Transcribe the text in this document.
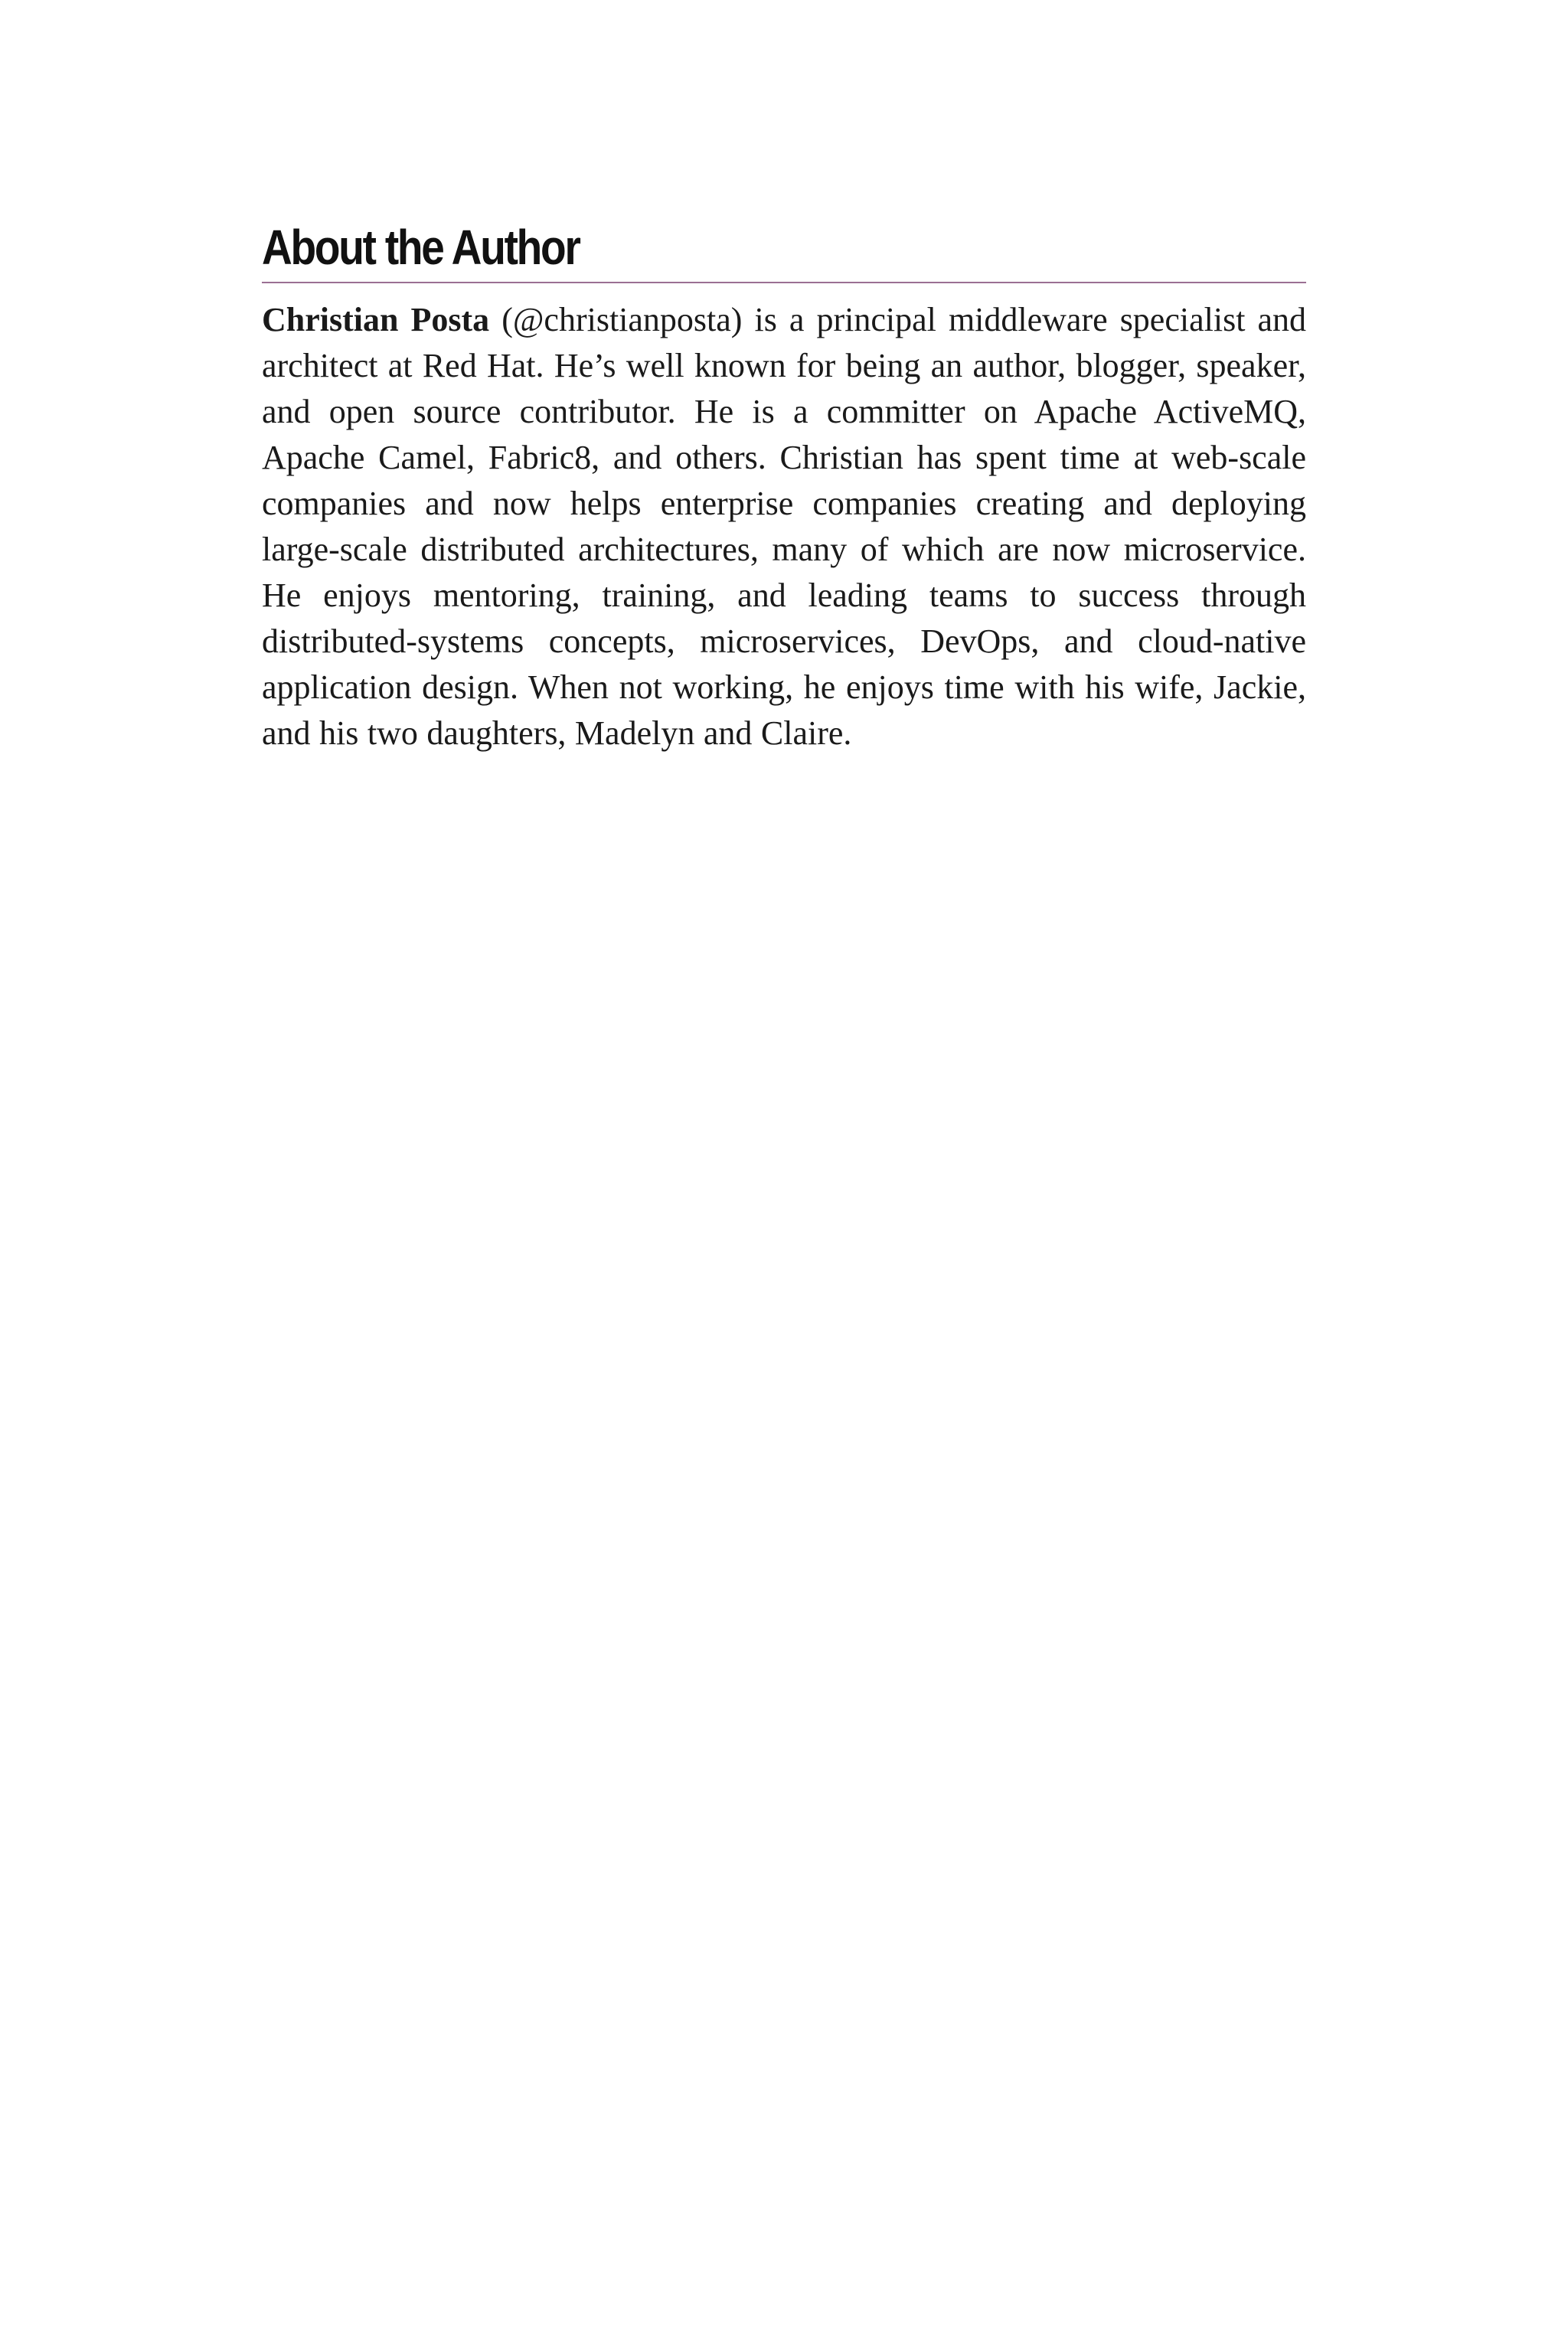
About the Author

Christian Posta (@christianposta) is a principal middleware specialist and architect at Red Hat. He’s well known for being an author, blogger, speaker, and open source contributor. He is a committer on Apache ActiveMQ, Apache Camel, Fabric8, and others. Christian has spent time at web-scale companies and now helps enterprise companies creating and deploying large-scale distributed architectures, many of which are now microservice. He enjoys mentoring, training, and leading teams to success through distributed-systems concepts, microservices, DevOps, and cloud-native application design. When not working, he enjoys time with his wife, Jackie, and his two daughters, Madelyn and Claire.
